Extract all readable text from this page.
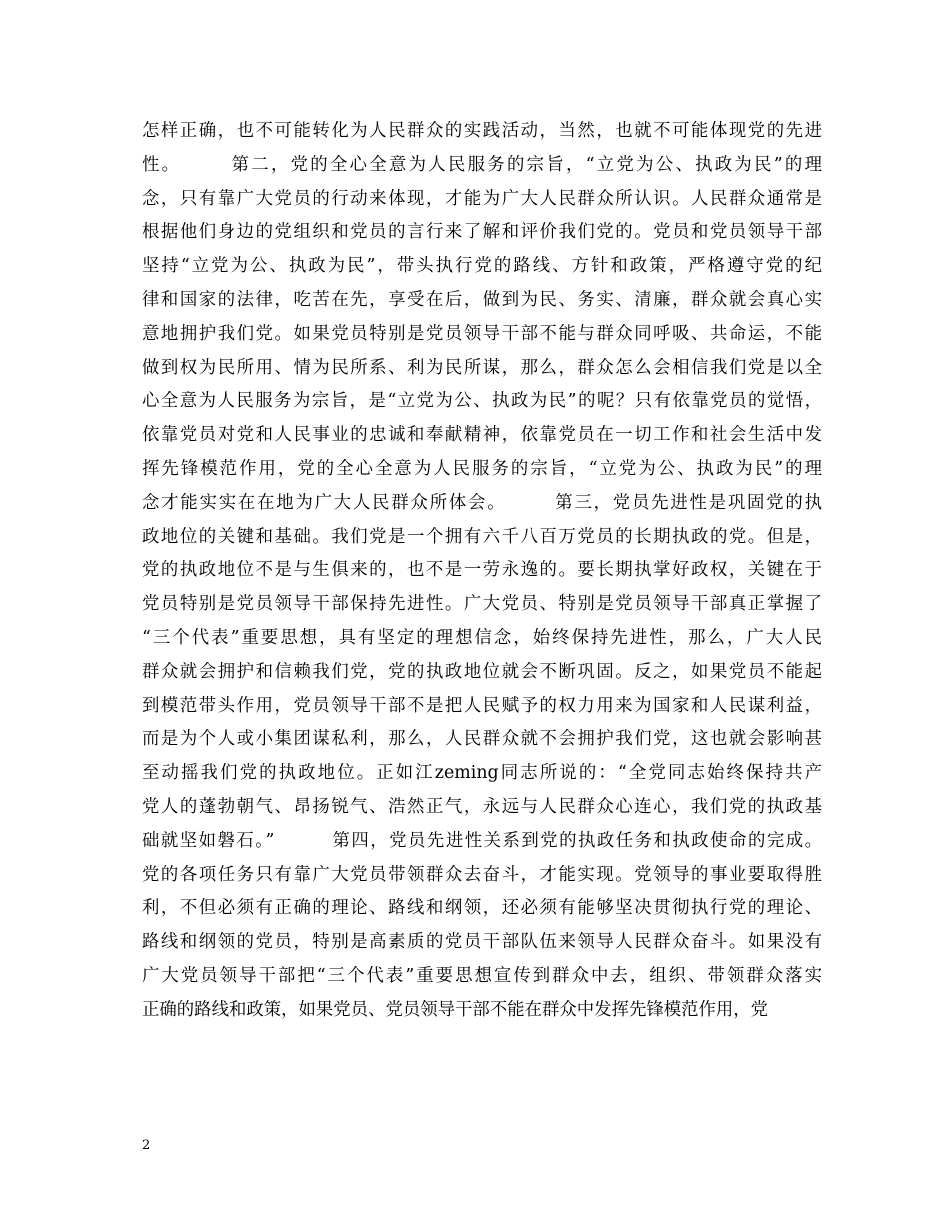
怎样正确，也不可能转化为人民群众的实践活动，当然，也就不可能体现党的先进
性。　　　第二，党的全心全意为人民服务的宗旨，“立党为公、执政为民”的理
念，只有靠广大党员的行动来体现，才能为广大人民群众所认识。人民群众通常是
根据他们身边的党组织和党员的言行来了解和评价我们党的。党员和党员领导干部
坚持“立党为公、执政为民”，带头执行党的路线、方针和政策，严格遵守党的纪
律和国家的法律，吃苦在先，享受在后，做到为民、务实、清廉，群众就会真心实
意地拥护我们党。如果党员特别是党员领导干部不能与群众同呼吸、共命运，不能
做到权为民所用、情为民所系、利为民所谋，那么，群众怎么会相信我们党是以全
心全意为人民服务为宗旨，是“立党为公、执政为民”的呢？只有依靠党员的觉悟，
依靠党员对党和人民事业的忠诚和奉献精神，依靠党员在一切工作和社会生活中发
挥先锋模范作用，党的全心全意为人民服务的宗旨，“立党为公、执政为民”的理
念才能实实在在地为广大人民群众所体会。　　　第三，党员先进性是巩固党的执
政地位的关键和基础。我们党是一个拥有六千八百万党员的长期执政的党。但是，
党的执政地位不是与生俱来的，也不是一劳永逸的。要长期执掌好政权，关键在于
党员特别是党员领导干部保持先进性。广大党员、特别是党员领导干部真正掌握了
“三个代表”重要思想，具有坚定的理想信念，始终保持先进性，那么，广大人民
群众就会拥护和信赖我们党，党的执政地位就会不断巩固。反之，如果党员不能起
到模范带头作用，党员领导干部不是把人民赋予的权力用来为国家和人民谋利益，
而是为个人或小集团谋私利，那么，人民群众就不会拥护我们党，这也就会影响甚
至动摇我们党的执政地位。正如江zeming同志所说的：“全党同志始终保持共产
党人的蓬勃朝气、昂扬锐气、浩然正气，永远与人民群众心连心，我们党的执政基
础就坚如磐石。”　　　第四，党员先进性关系到党的执政任务和执政使命的完成。
党的各项任务只有靠广大党员带领群众去奋斗，才能实现。党领导的事业要取得胜
利，不但必须有正确的理论、路线和纲领，还必须有能够坚决贯彻执行党的理论、
路线和纲领的党员，特别是高素质的党员干部队伍来领导人民群众奋斗。如果没有
广大党员领导干部把“三个代表”重要思想宣传到群众中去，组织、带领群众落实
正确的路线和政策，如果党员、党员领导干部不能在群众中发挥先锋模范作用，党
2
